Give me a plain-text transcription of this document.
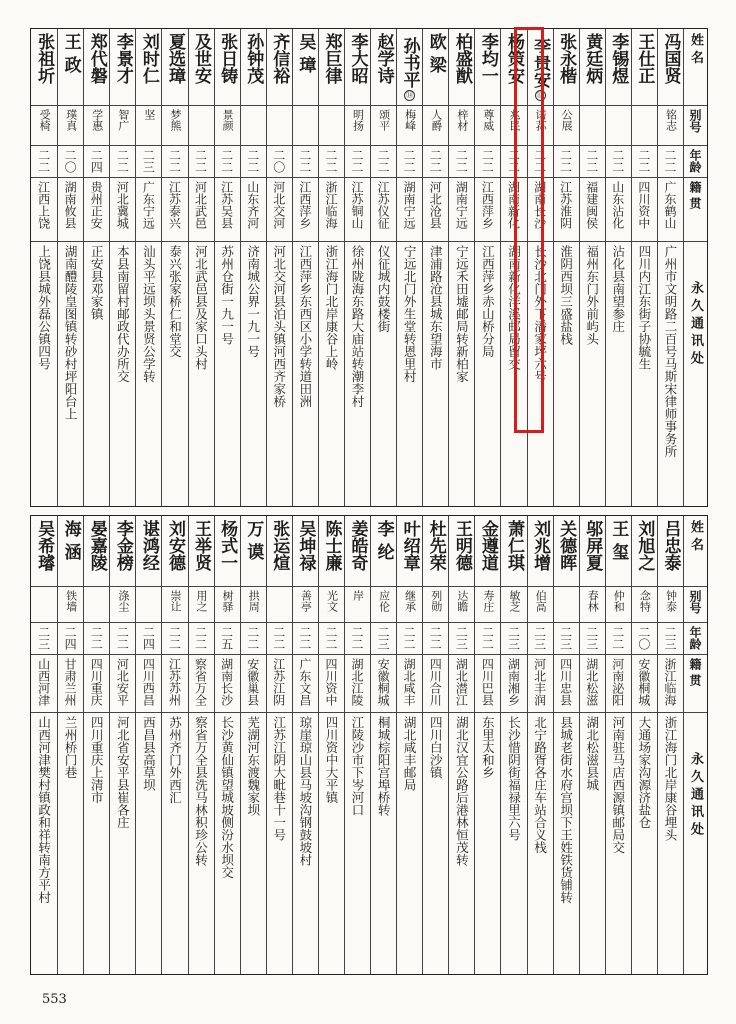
姓 名
别号
年龄
籍 贯
永 久 通 讯 处
冯国贤
铭志
二二
广东鹤山
广州市文明路二百号马斯宋律师事务所
王仕正
二二
四川资中
四川内江东街子协毓生
李锡煜
二二
山东沾化
沾化县南望参庄
黄廷炳
二二
福建闽侯
福州东门外前屿头
张永楷
公展
二二
江苏淮阴
淮阴西坝三盛盐栈
李贵安
⑬
诺荪
二二
湖南长沙
长沙北门外下潘家坪六号
杨策安
兆民
二二
湖南新化
湖南新化洋溪邮局留交
李均一
尊威
二二
江西萍乡
江西萍乡赤山桥分局
柏盛猷
梓材
二二
湖南宁远
宁远禾田墟邮局转新柏家
欧 梁
人爵
二二
河北沧县
津浦路沧县城东望海市
孙书平
⑭
梅峰
二二
湖南宁远
宁远北门外生堂转恩里村
赵学诗
颂平
二二
江苏仪征
仪征城内鼓楼街
李大昭
明扬
二二
江苏铜山
徐州陇海东路大庙站转潮李村
郑巨律
二二
浙江临海
浙江海门北岸康谷上岭
吴 璋
二二
江西萍乡
江西萍乡东西区小学转道田洲
齐信裕
二〇
河北交河
河北交河县泊头镇河西齐家桥
孙钟茂
二二
山东齐河
济南城公界一九一号
张日铸
景颜
二二
江苏吴县
苏州仓街一九一号
及世安
二二
河北武邑
河北武邑县及家口头村
夏选璋
梦熊
二二
江苏泰兴
泰兴张家桥仁和堂交
刘时仁
坚
二三
广东宁远
汕头平远坝头景贤公学转
李景才
智广
二二
河北冀城
本县南留村邮政代办所交
郑代磐
学惠
二四
贵州正安
正安县邓家镇
王 政
璞真
二〇
湖南攸县
湖南醴陵皇图镇转砂村坪阳台上
张祖圻
受椅
二二
江西上饶
上饶县城外磊公镇四号
姓 名
别号
年龄
籍 贯
永 久 通 讯 处
吕忠泰
钟泰
二三
浙江临海
浙江海门北岸康谷埋头
刘旭之
念特
二〇
安徽桐城
大通场家沟源济盐仓
王 玺
仲和
二二
河南泌阳
河南驻马店西源镇邮局交
邬屏夏
春林
二三
湖北松滋
湖北松滋县城
关德晖
二三
四川忠县
县城老街水府宫坝下王姓铁货铺转
刘兆增
伯高
二三
河北丰润
北宁路胥各庄车站合义栈
萧仁琪
敏芝
二三
湖南湘乡
长沙惜阴街福禄里六号
金遵道
寿庄
二二
四川巴县
东里太和乡
王明德
达瞻
二三
湖北潜江
湖北汉宜公路后港林恒茂转
杜先荣
列勋
二二
四川合川
四川白沙镇
叶绍章
继承
二二
湖北咸丰
湖北咸丰邮局
李 纶
应伦
二三
安徽桐城
桐城棕阳宫埠桥转
姜皓奇
岸
二二
湖北江陵
江陵沙市下岑河口
陈士廉
光文
二二
四川资中
四川资中大平镇
吴坤禄
善亭
二二
广东文昌
琼崖琼山县马坡沟钢鼓坡村
张运煊
二二
江苏江阴
江苏江阴大毗巷十一号
万 谟
拱周
二二
安徽巢县
芜湖河东渡魏家坝
杨式一
树驿
二五
湖南长沙
长沙黄仙镇望城坡侧汾水坝交
王举贤
用之
二二
察省万全
察省万全县洗马林积珍公转
刘安德
崇让
二二
江苏苏州
苏州齐门外西汇
谌鸿经
二四
四川西昌
西昌县高草坝
李金榜
涤尘
二二
河北安平
河北省安平县崔各庄
晏嘉陵
二二
四川重庆
四川重庆上清市
海 涵
铁墙
二四
甘肃兰州
兰州桥门巷
吴希璿
二三
山西河津
山西河津樊村镇政和祥转南方平村
553
